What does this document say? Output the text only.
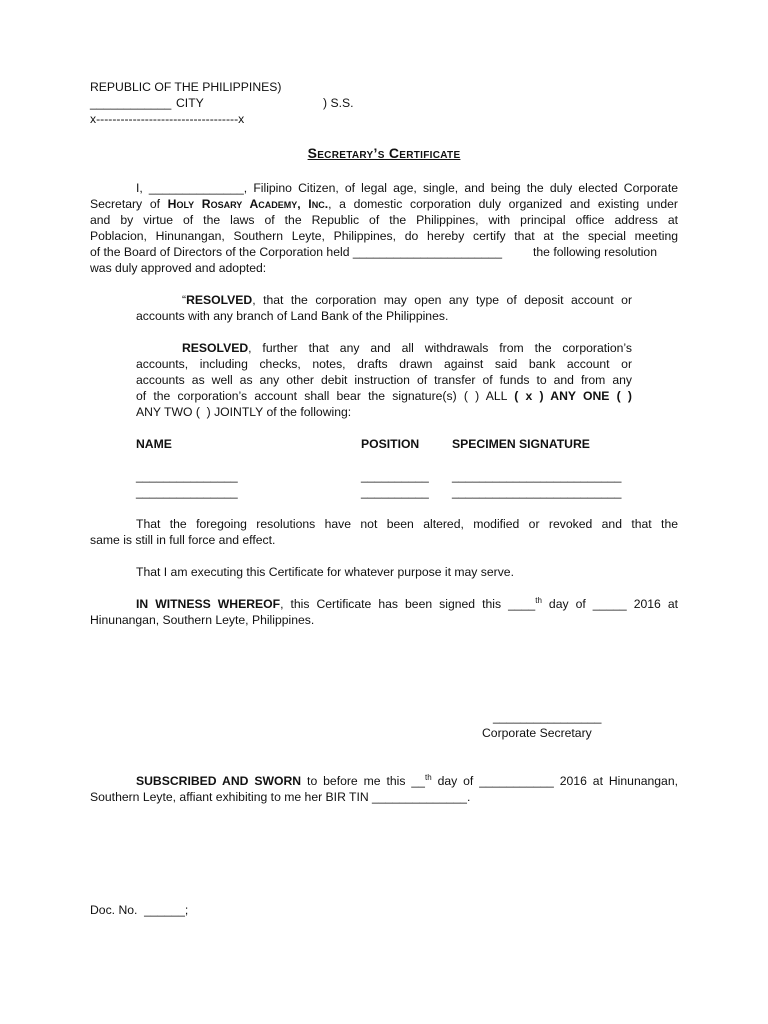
REPUBLIC OF THE PHILIPPINES)
____________ CITY	) S.S.
x-----------------------------------x
Secretary’s Certificate
I, ______________, Filipino Citizen, of legal age, single, and being the duly elected Corporate
Secretary of Holy Rosary Academy, Inc., a domestic corporation duly organized and existing under
and by virtue of the laws of the Republic of the Philippines, with principal office address at
Poblacion, Hinunangan, Southern Leyte, Philippines, do hereby certify that at the special meeting
of the Board of Directors of the Corporation held ______________________	the following resolution
was duly approved and adopted:
“RESOLVED, that the corporation may open any type of deposit account or
accounts with any branch of Land Bank of the Philippines.
RESOLVED, further that any and all withdrawals from the corporation’s
accounts, including checks, notes, drafts drawn against said bank account or
accounts as well as any other debit instruction of transfer of funds to and from any
of the corporation’s account shall bear the signature(s) ( ) ALL ( x ) ANY ONE ( )
ANY TWO (  ) JOINTLY of the following:
NAME	POSITION	SPECIMEN SIGNATURE
_______________	__________ _________________________
_______________	__________ _________________________
That the foregoing resolutions have not been altered, modified or revoked and that the
same is still in full force and effect.
That I am executing this Certificate for whatever purpose it may serve.
IN WITNESS WHEREOF, this Certificate has been signed this ____$^{th}$ day of _____ 2016 at
Hinunangan, Southern Leyte, Philippines.
________________
Corporate Secretary
SUBSCRIBED AND SWORN to before me this __$^{th}$ day of ___________ 2016 at Hinunangan,
Southern Leyte, affiant exhibiting to me her BIR TIN ______________.
Doc. No.  ______;
